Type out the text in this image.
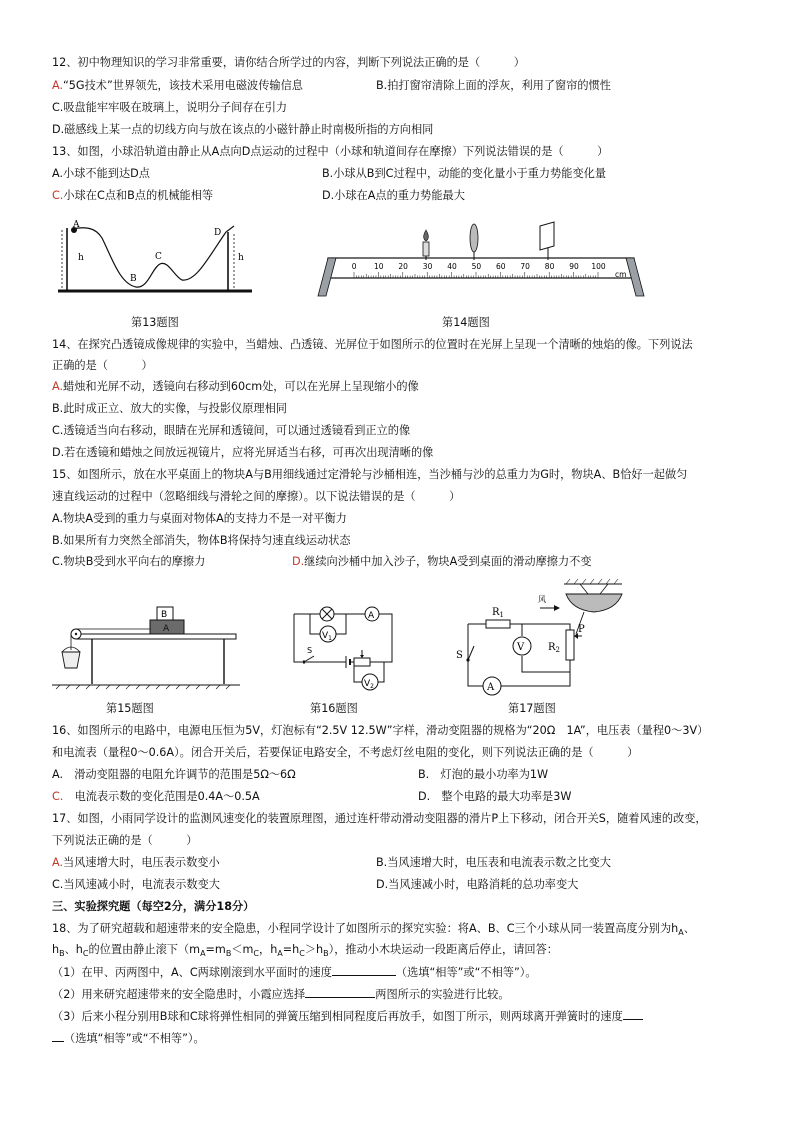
12、初中物理知识的学习非常重要，请你结合所学过的内容，判断下列说法正确的是（　　　）
A.“5G技术”世界领先，该技术采用电磁波传输信息	B.拍打窗帘清除上面的浮灰，利用了窗帘的惯性
C.吸盘能牢牢吸在玻璃上，说明分子间存在引力
D.磁感线上某一点的切线方向与放在该点的小磁针静止时南极所指的方向相同
13、如图，小球沿轨道由静止从A点向D点运动的过程中（小球和轨道间存在摩擦）下列说法错误的是（　　　）
A.小球不能到达D点	B.小球从B到C过程中，动能的变化量小于重力势能变化量
C.小球在C点和B点的机械能相等	D.小球在A点的重力势能最大
A
B
C
D
h	h
第13题图
0 10 20 30 40 50 60 70 80 90 100
cm
第14题图
14、在探究凸透镜成像规律的实验中，当蜡烛、凸透镜、光屏位于如图所示的位置时在光屏上呈现一个清晰的烛焰的像。下列说法
正确的是（　　　）
A.蜡烛和光屏不动，透镜向右移动到60cm处，可以在光屏上呈现缩小的像
B.此时成正立、放大的实像，与投影仪原理相同
C.透镜适当向右移动，眼睛在光屏和透镜间，可以通过透镜看到正立的像
D.若在透镜和蜡烛之间放远视镜片，应将光屏适当右移，可再次出现清晰的像
15、如图所示，放在水平桌面上的物块A与B用细线通过定滑轮与沙桶相连，当沙桶与沙的总重力为G时，物块A、B恰好一起做匀
速直线运动的过程中（忽略细线与滑轮之间的摩擦）。以下说法错误的是（　　　）
A.物块A受到的重力与桌面对物体A的支持力不是一对平衡力
B.如果所有力突然全部消失，物体B将保持匀速直线运动状态
C.物块B受到水平向右的摩擦力	D.继续向沙桶中加入沙子，物块A受到桌面的滑动摩擦力不变
A
B
第15题图
A
$V_1$
S
$V_2$
第16题图
风
$R_1$
$R_2$
P
V
S
A
第17题图
16、如图所示的电路中，电源电压恒为5V，灯泡标有“2.5V 12.5W”字样，滑动变阻器的规格为“20Ω　1A”，电压表（量程0～3V）
和电流表（量程0～0.6A）。闭合开关后，若要保证电路安全，不考虑灯丝电阻的变化，则下列说法正确的是（　　　）
A.　滑动变阻器的电阻允许调节的范围是5Ω～6Ω	B.　灯泡的最小功率为1W
C.　电流表示数的变化范围是0.4A～0.5A	D.　整个电路的最大功率是3W
17、如图，小雨同学设计的监测风速变化的装置原理图，通过连杆带动滑动变阻器的滑片P上下移动，闭合开关S，随着风速的改变，
下列说法正确的是（　　　）
A.当风速增大时，电压表示数变小	B.当风速增大时，电压表和电流表示数之比变大
C.当风速减小时，电流表示数变大	D.当风速减小时，电路消耗的总功率变大
三、实验探究题（每空2分，满分18分）
18、为了研究超载和超速带来的安全隐患，小程同学设计了如图所示的探究实验：将A、B、C三个小球从同一装置高度分别为$h_A$、
$h_B$、$h_C$的位置由静止滚下（$m_A=m_B<m_C$，$h_A=h_C>h_B$），推动小木块运动一段距离后停止，请回答：
（1）在甲、丙两图中，A、C两球刚滚到水平面时的速度	（选填“相等”或“不相等”）。
（2）用来研究超速带来的安全隐患时，小霞应选择	两图所示的实验进行比较。
（3）后来小程分别用B球和C球将弹性相同的弹簧压缩到相同程度后再放手，如图丁所示，则两球离开弹簧时的速度
（选填“相等”或“不相等”）。
